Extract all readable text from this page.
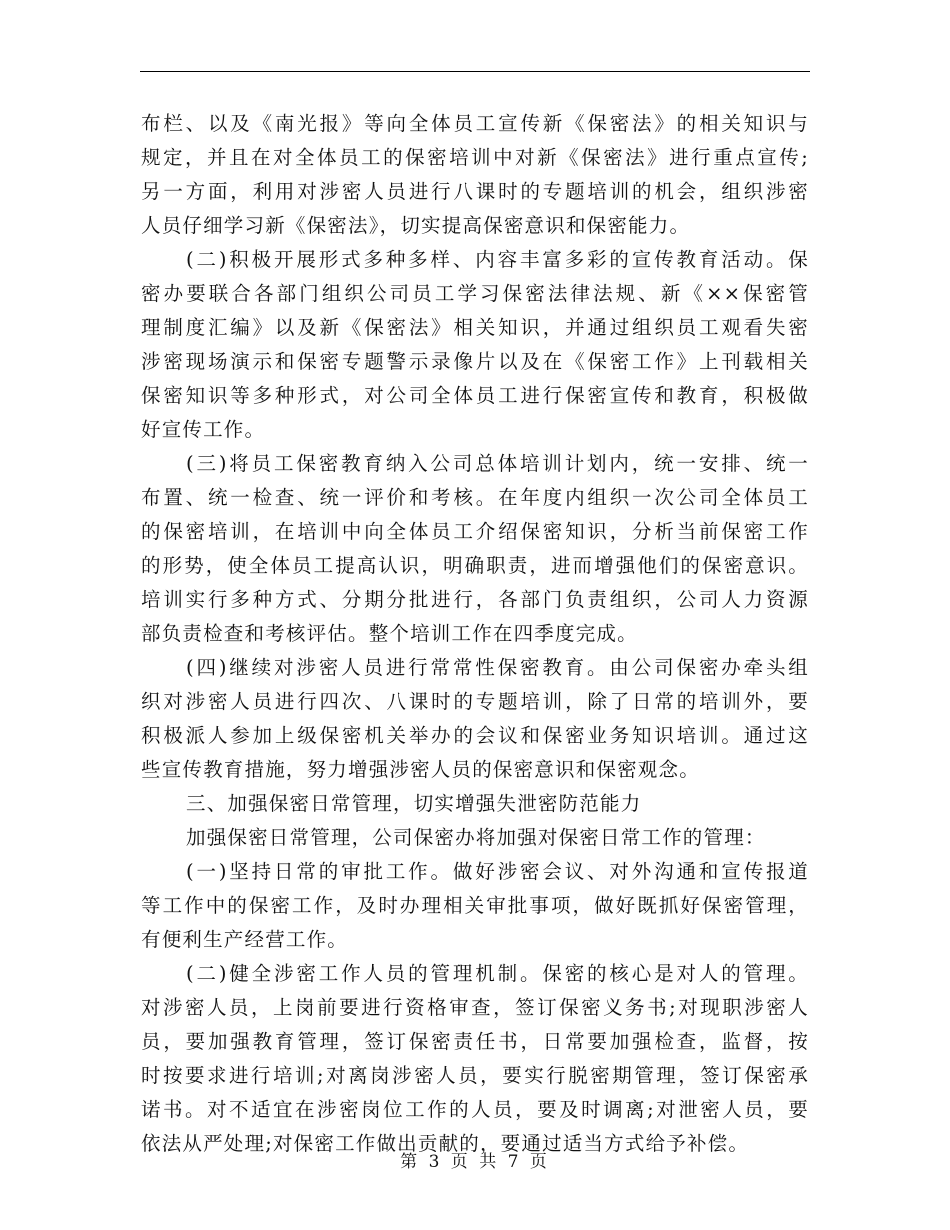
布栏、以及《南光报》等向全体员工宣传新《保密法》的相关知识与
规定，并且在对全体员工的保密培训中对新《保密法》进行重点宣传;
另一方面，利用对涉密人员进行八课时的专题培训的机会，组织涉密
人员仔细学习新《保密法》，切实提高保密意识和保密能力。
(二)积极开展形式多种多样、内容丰富多彩的宣传教育活动。保
密办要联合各部门组织公司员工学习保密法律法规、新《××保密管
理制度汇编》以及新《保密法》相关知识，并通过组织员工观看失密
涉密现场演示和保密专题警示录像片以及在《保密工作》上刊载相关
保密知识等多种形式，对公司全体员工进行保密宣传和教育，积极做
好宣传工作。
(三)将员工保密教育纳入公司总体培训计划内，统一安排、统一
布置、统一检查、统一评价和考核。在年度内组织一次公司全体员工
的保密培训，在培训中向全体员工介绍保密知识，分析当前保密工作
的形势，使全体员工提高认识，明确职责，进而增强他们的保密意识。
培训实行多种方式、分期分批进行，各部门负责组织，公司人力资源
部负责检查和考核评估。整个培训工作在四季度完成。
(四)继续对涉密人员进行常常性保密教育。由公司保密办牵头组
织对涉密人员进行四次、八课时的专题培训，除了日常的培训外，要
积极派人参加上级保密机关举办的会议和保密业务知识培训。通过这
些宣传教育措施，努力增强涉密人员的保密意识和保密观念。
三、加强保密日常管理，切实增强失泄密防范能力
加强保密日常管理，公司保密办将加强对保密日常工作的管理：
(一)坚持日常的审批工作。做好涉密会议、对外沟通和宣传报道
等工作中的保密工作，及时办理相关审批事项，做好既抓好保密管理，
有便利生产经营工作。
(二)健全涉密工作人员的管理机制。保密的核心是对人的管理。
对涉密人员，上岗前要进行资格审查，签订保密义务书;对现职涉密人
员，要加强教育管理，签订保密责任书，日常要加强检查，监督，按
时按要求进行培训;对离岗涉密人员，要实行脱密期管理，签订保密承
诺书。对不适宜在涉密岗位工作的人员，要及时调离;对泄密人员，要
依法从严处理;对保密工作做出贡献的，要通过适当方式给予补偿。
第 3 页 共 7 页
